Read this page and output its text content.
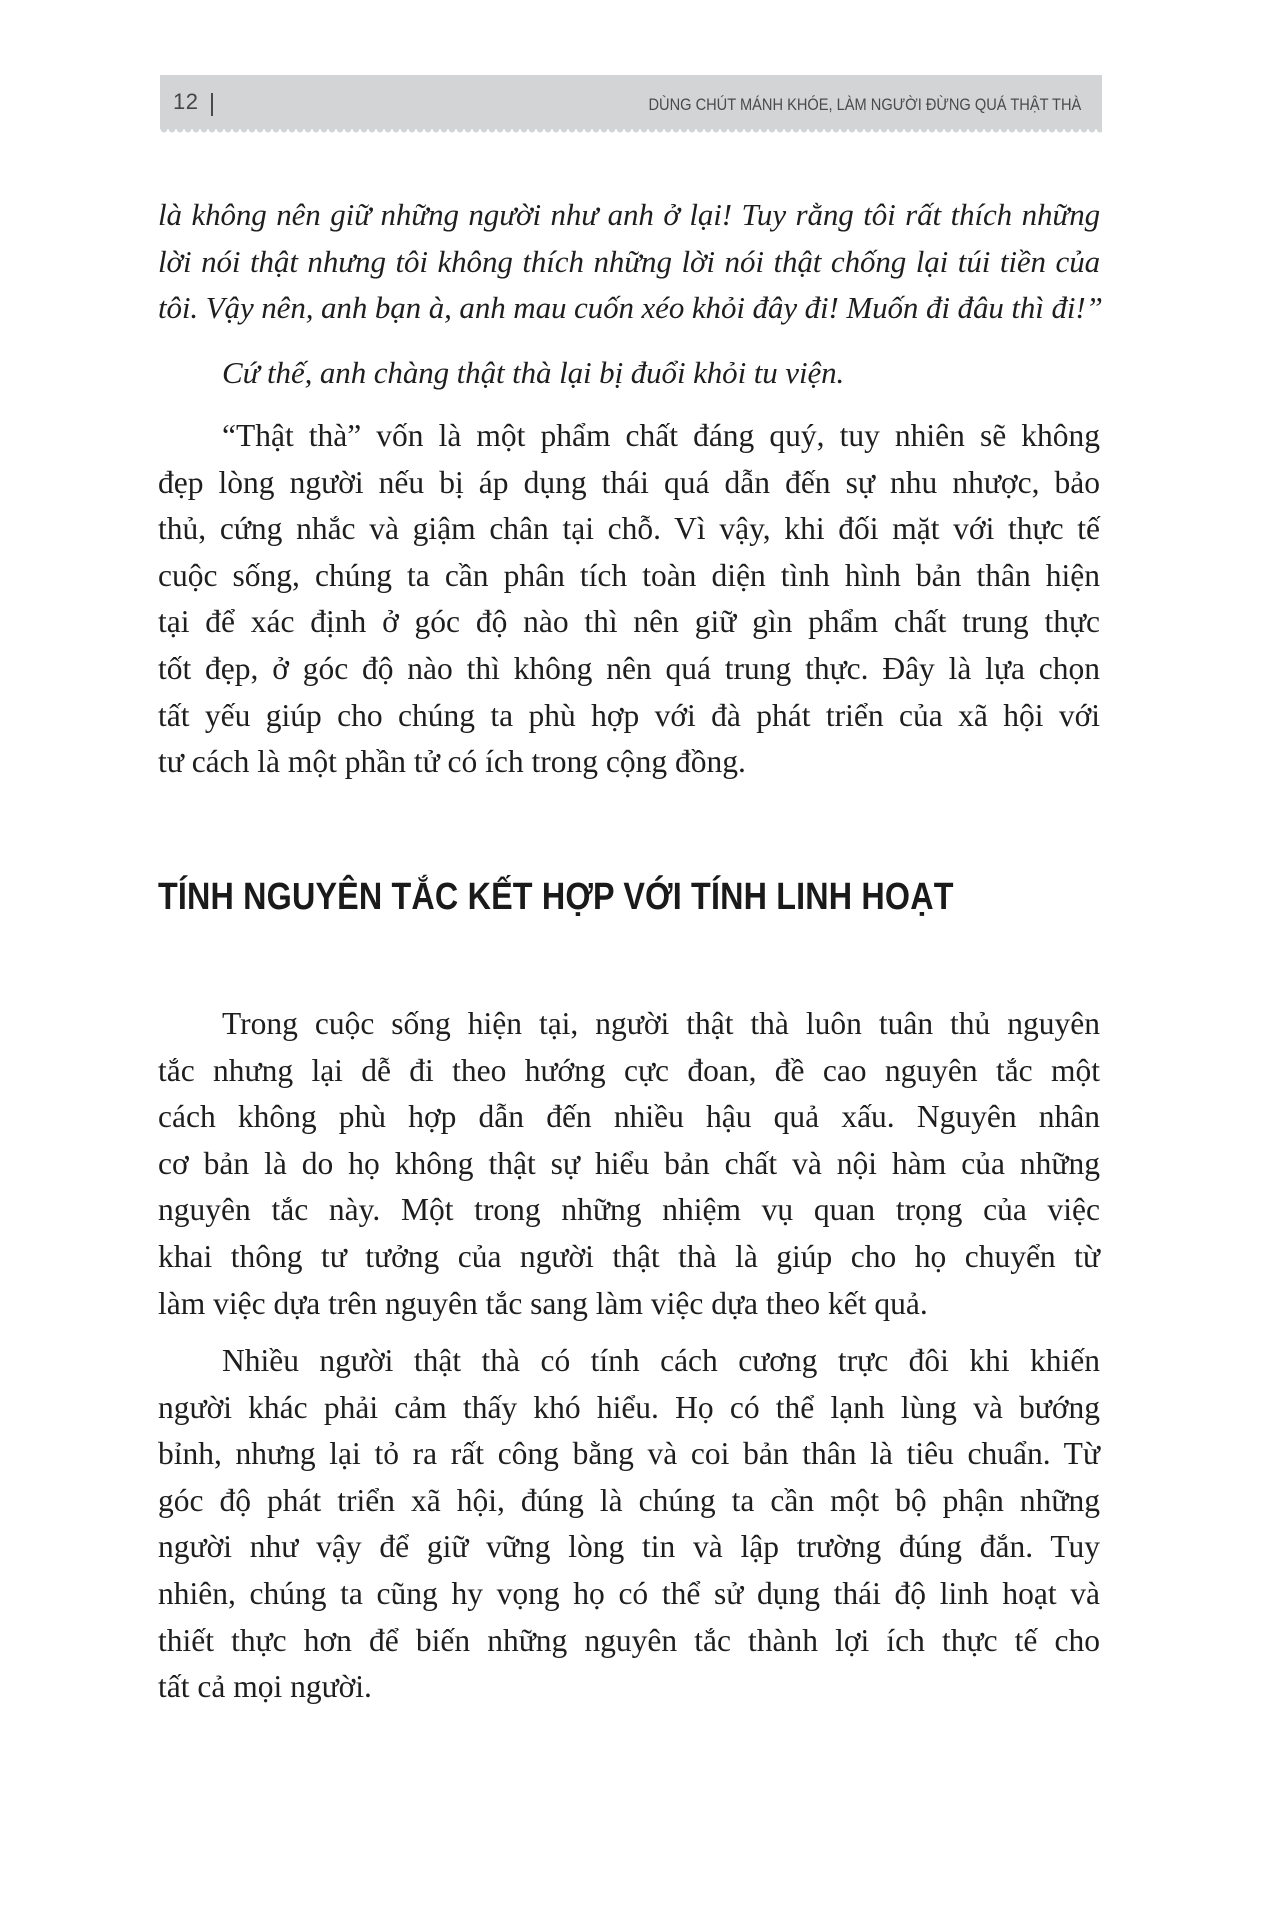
12	DÙNG CHÚT MÁNH KHÓE, LÀM NGƯỜI ĐỪNG QUÁ THẬT THÀ
là không nên giữ những người như anh ở lại! Tuy rằng tôi rất thích những
lời nói thật nhưng tôi không thích những lời nói thật chống lại túi tiền của
tôi. Vậy nên, anh bạn à, anh mau cuốn xéo khỏi đây đi! Muốn đi đâu thì đi!”
Cứ thế, anh chàng thật thà lại bị đuổi khỏi tu viện.
“Thật thà” vốn là một phẩm chất đáng quý, tuy nhiên sẽ không
đẹp lòng người nếu bị áp dụng thái quá dẫn đến sự nhu nhược, bảo
thủ, cứng nhắc và giậm chân tại chỗ. Vì vậy, khi đối mặt với thực tế
cuộc sống, chúng ta cần phân tích toàn diện tình hình bản thân hiện
tại để xác định ở góc độ nào thì nên giữ gìn phẩm chất trung thực
tốt đẹp, ở góc độ nào thì không nên quá trung thực. Đây là lựa chọn
tất yếu giúp cho chúng ta phù hợp với đà phát triển của xã hội với
tư cách là một phần tử có ích trong cộng đồng.
TÍNH NGUYÊN TẮC KẾT HỢP VỚI TÍNH LINH HOẠT
Trong cuộc sống hiện tại, người thật thà luôn tuân thủ nguyên
tắc nhưng lại dễ đi theo hướng cực đoan, đề cao nguyên tắc một
cách không phù hợp dẫn đến nhiều hậu quả xấu. Nguyên nhân
cơ bản là do họ không thật sự hiểu bản chất và nội hàm của những
nguyên tắc này. Một trong những nhiệm vụ quan trọng của việc
khai thông tư tưởng của người thật thà là giúp cho họ chuyển từ
làm việc dựa trên nguyên tắc sang làm việc dựa theo kết quả.
Nhiều người thật thà có tính cách cương trực đôi khi khiến
người khác phải cảm thấy khó hiểu. Họ có thể lạnh lùng và bướng
bỉnh, nhưng lại tỏ ra rất công bằng và coi bản thân là tiêu chuẩn. Từ
góc độ phát triển xã hội, đúng là chúng ta cần một bộ phận những
người như vậy để giữ vững lòng tin và lập trường đúng đắn. Tuy
nhiên, chúng ta cũng hy vọng họ có thể sử dụng thái độ linh hoạt và
thiết thực hơn để biến những nguyên tắc thành lợi ích thực tế cho
tất cả mọi người.
